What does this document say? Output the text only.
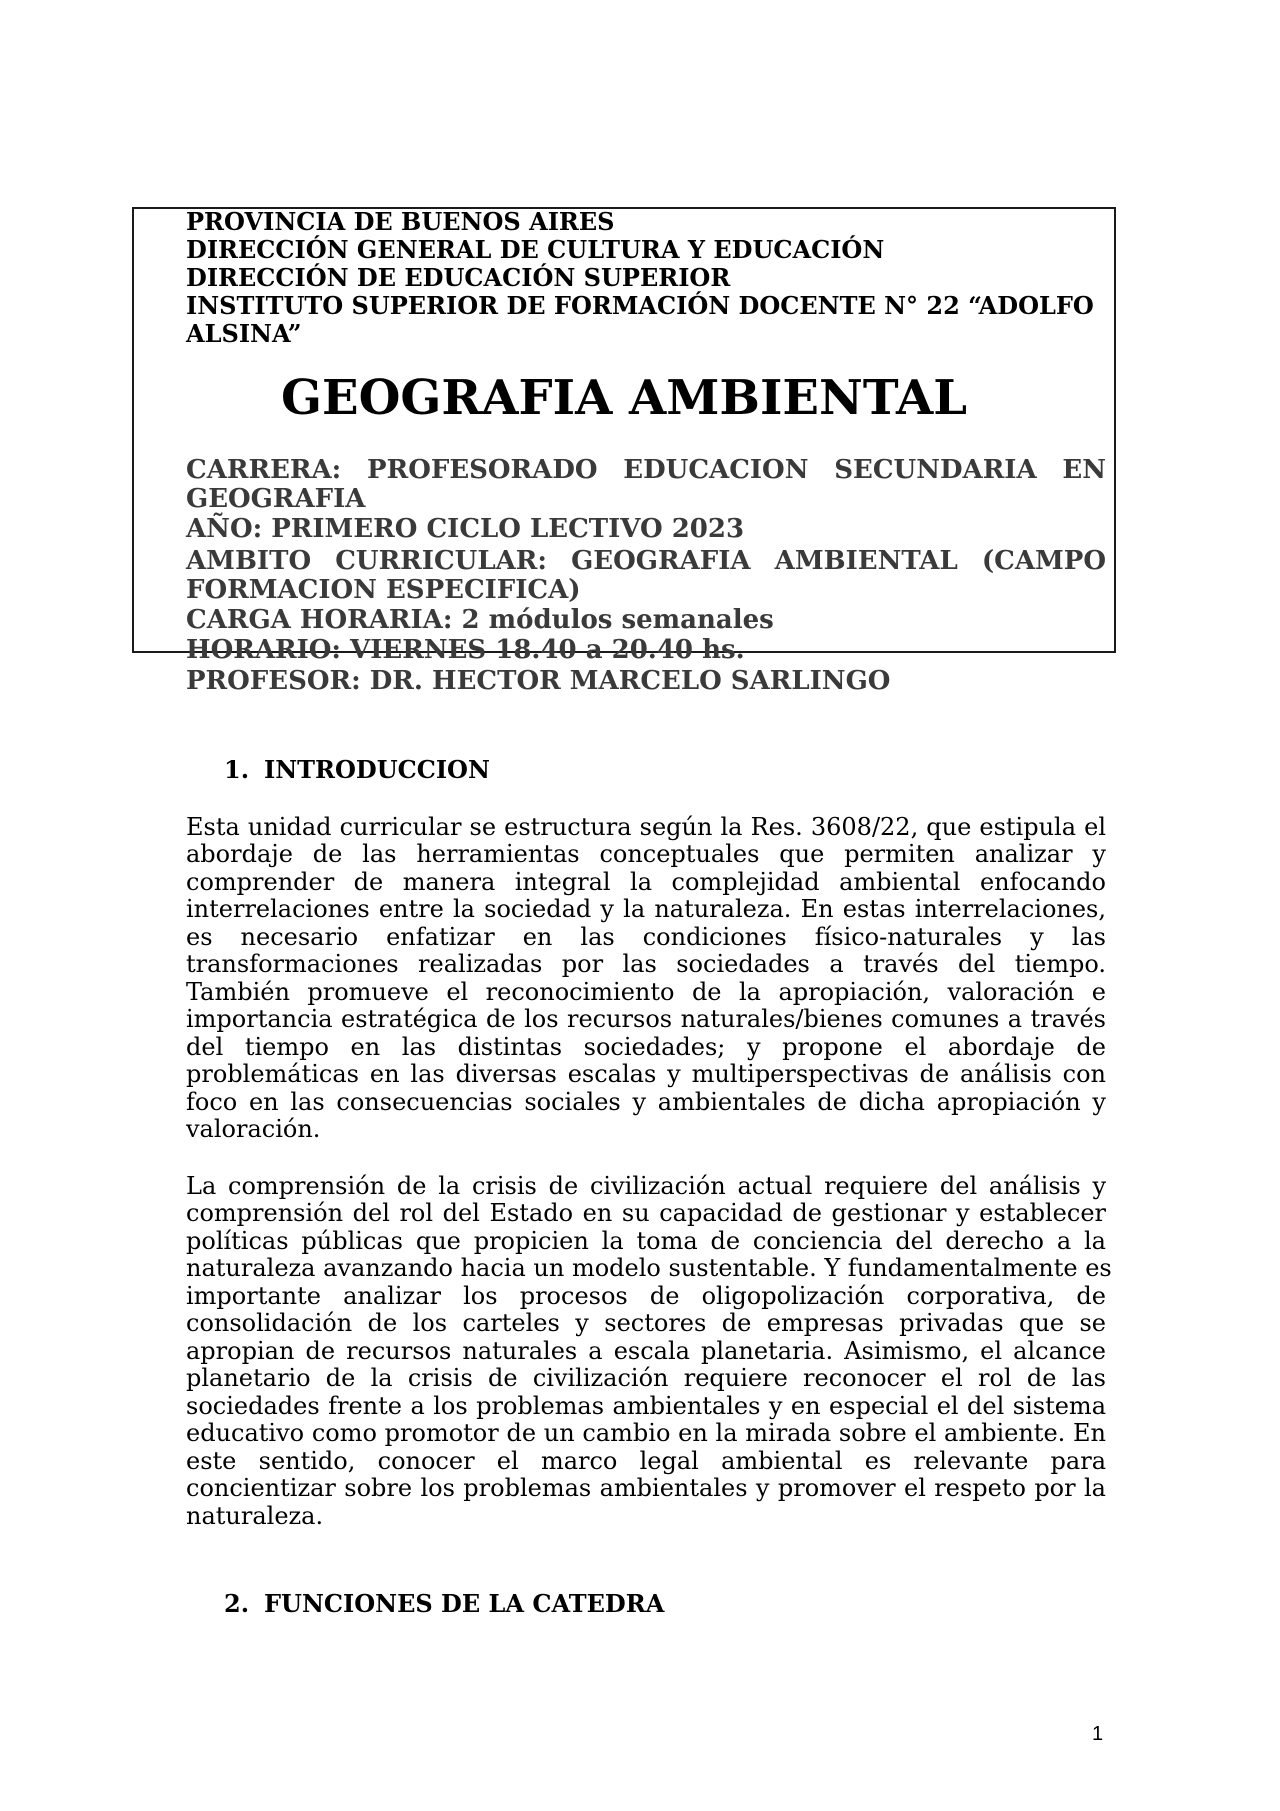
PROVINCIA DE BUENOS AIRES
DIRECCIÓN GENERAL DE CULTURA Y EDUCACIÓN
DIRECCIÓN DE EDUCACIÓN SUPERIOR
INSTITUTO SUPERIOR DE FORMACIÓN DOCENTE N° 22 “ADOLFO
ALSINA”
GEOGRAFIA AMBIENTAL
CARRERA: PROFESORADO EDUCACION SECUNDARIA EN
GEOGRAFIA
AÑO: PRIMERO CICLO LECTIVO 2023
AMBITO CURRICULAR: GEOGRAFIA AMBIENTAL (CAMPO
FORMACION ESPECIFICA)
CARGA HORARIA: 2 módulos semanales
HORARIO: VIERNES 18.40 a 20.40 hs.
PROFESOR: DR. HECTOR MARCELO SARLINGO
1. INTRODUCCION
Esta unidad curricular se estructura según la Res. 3608/22, que estipula el
abordaje de las herramientas conceptuales que permiten analizar y
comprender de manera integral la complejidad ambiental enfocando
interrelaciones entre la sociedad y la naturaleza. En estas interrelaciones,
es necesario enfatizar en las condiciones físico-naturales y las
transformaciones realizadas por las sociedades a través del tiempo.
También promueve el reconocimiento de la apropiación, valoración e
importancia estratégica de los recursos naturales/bienes comunes a través
del tiempo en las distintas sociedades; y propone el abordaje de
problemáticas en las diversas escalas y multiperspectivas de análisis con
foco en las consecuencias sociales y ambientales de dicha apropiación y
valoración.
La comprensión de la crisis de civilización actual requiere del análisis y
comprensión del rol del Estado en su capacidad de gestionar y establecer
políticas públicas que propicien la toma de conciencia del derecho a la
naturaleza avanzando hacia un modelo sustentable. Y fundamentalmente es
importante analizar los procesos de oligopolización corporativa, de
consolidación de los carteles y sectores de empresas privadas que se
apropian de recursos naturales a escala planetaria. Asimismo, el alcance
planetario de la crisis de civilización requiere reconocer el rol de las
sociedades frente a los problemas ambientales y en especial el del sistema
educativo como promotor de un cambio en la mirada sobre el ambiente. En
este sentido, conocer el marco legal ambiental es relevante para
concientizar sobre los problemas ambientales y promover el respeto por la
naturaleza.
2. FUNCIONES DE LA CATEDRA
1
